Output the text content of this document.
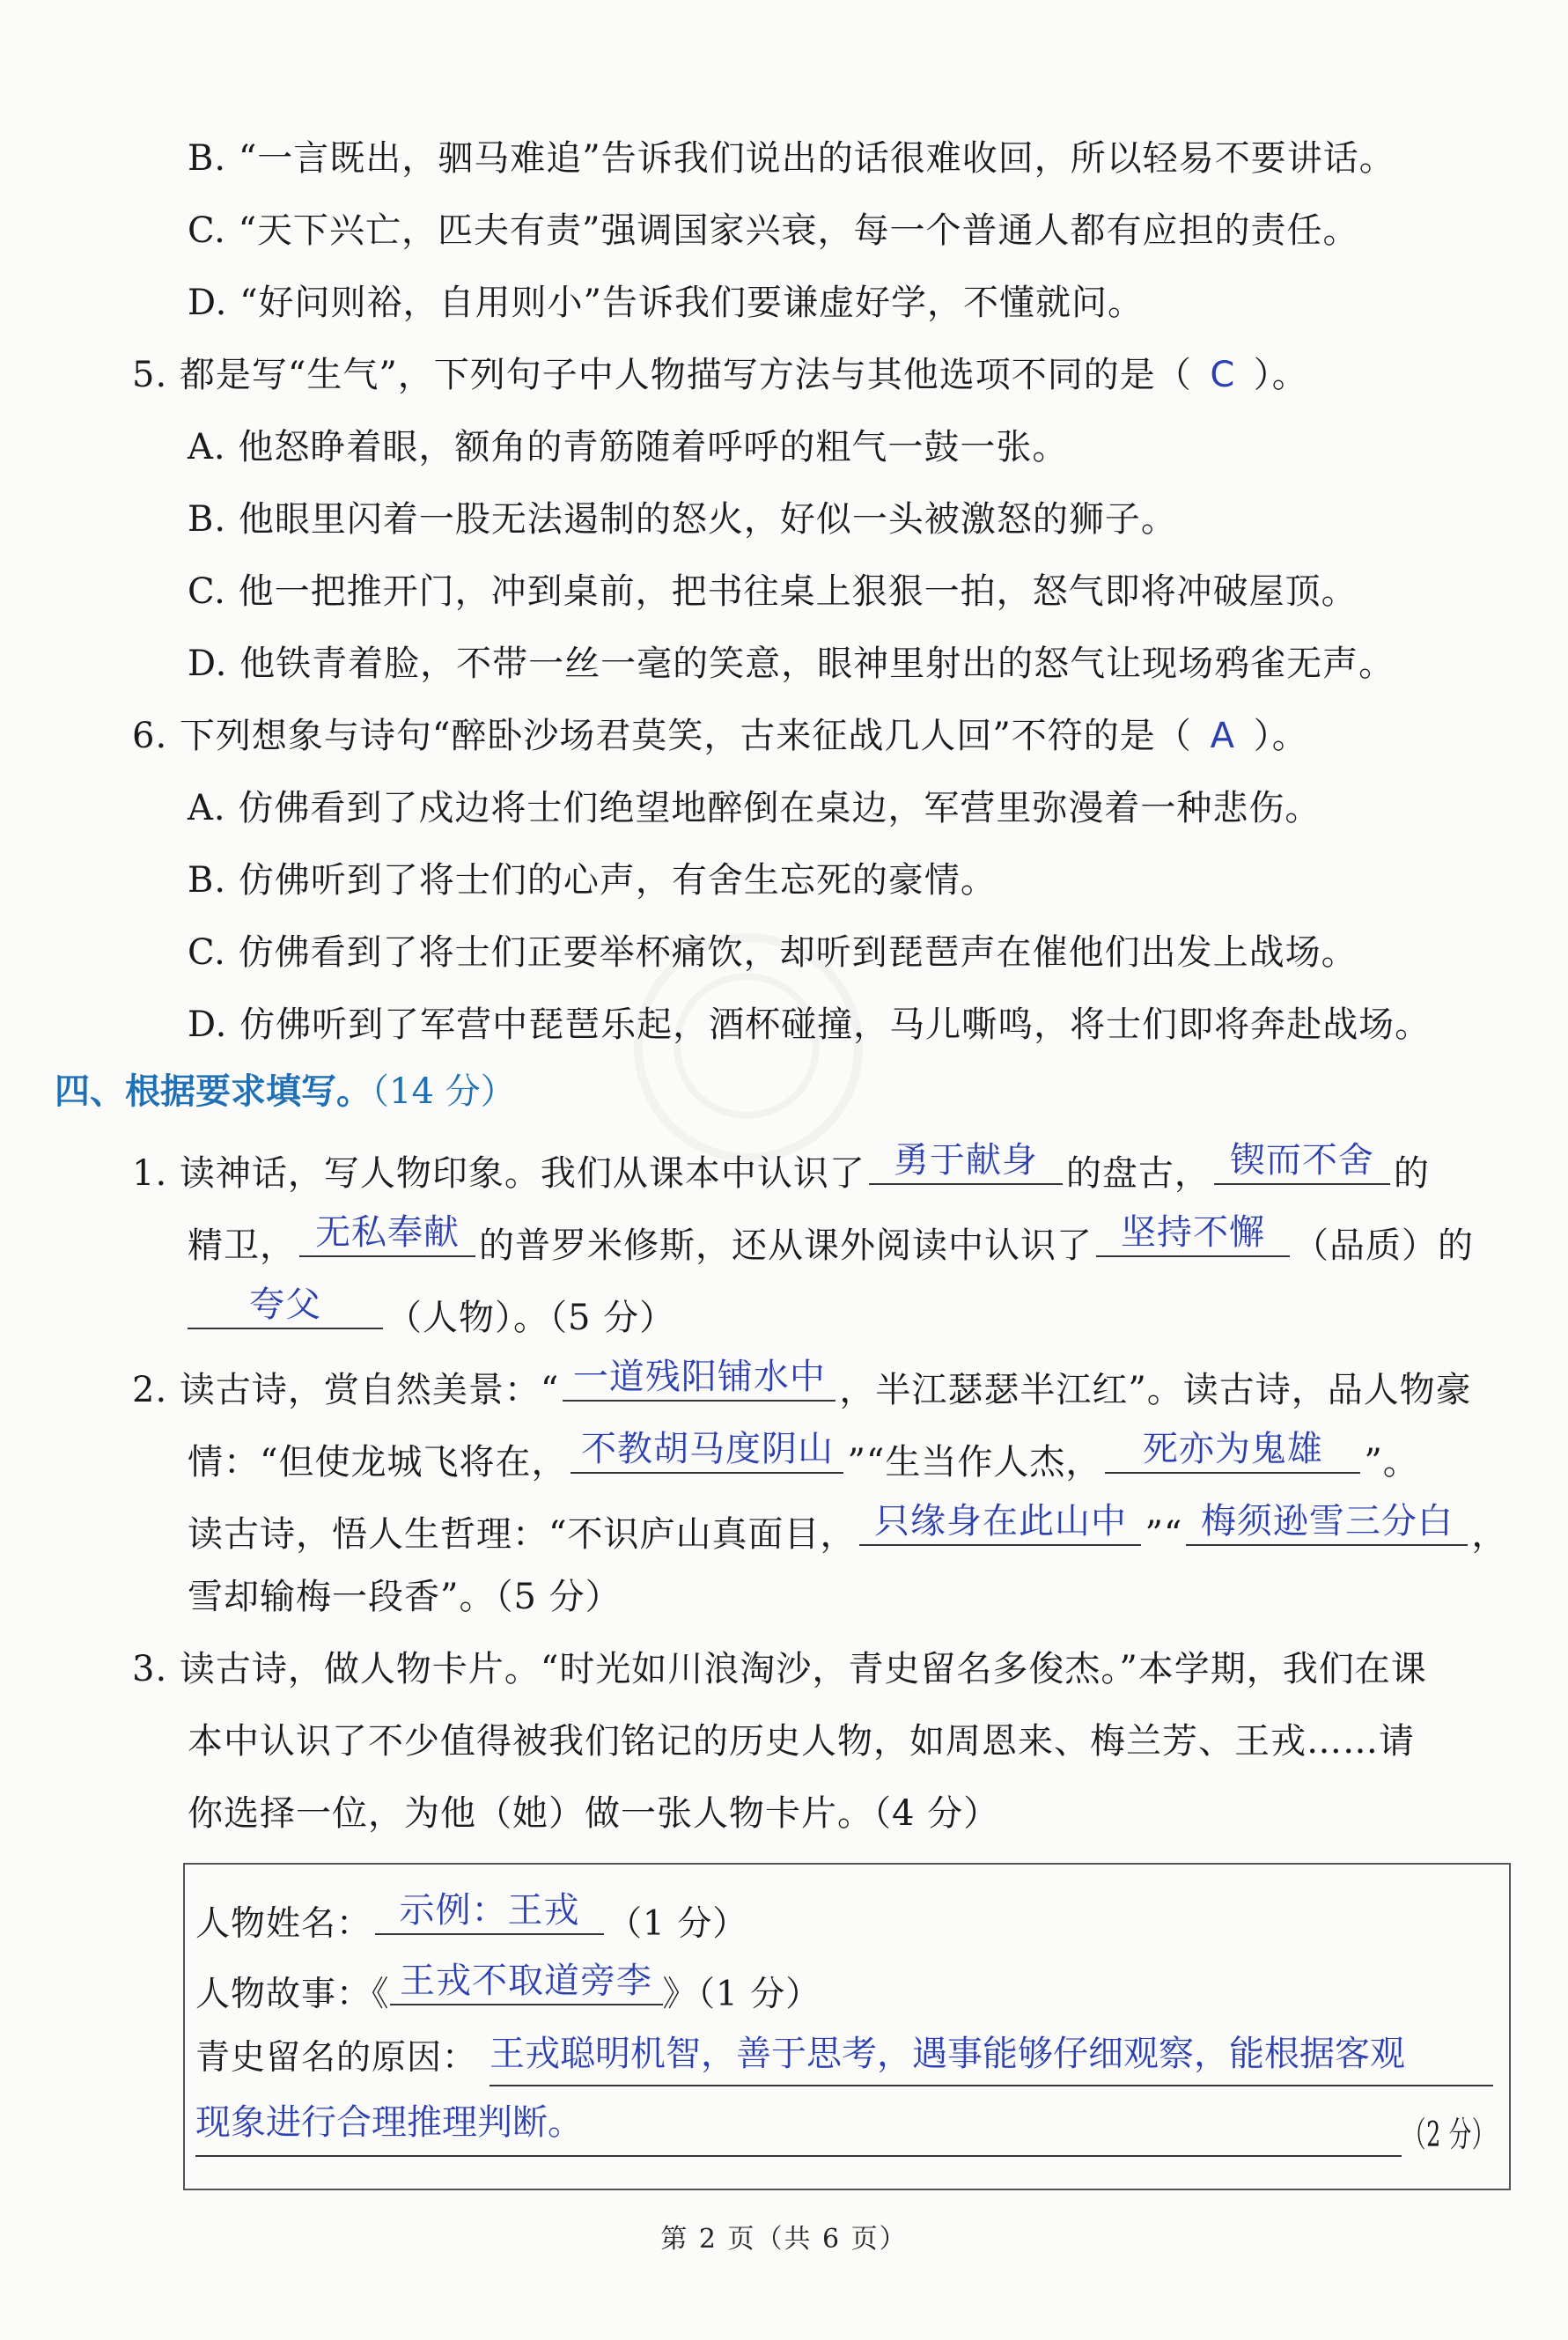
B. “一言既出，驷马难追”告诉我们说出的话很难收回，所以轻易不要讲话。
C. “天下兴亡，匹夫有责”强调国家兴衰，每一个普通人都有应担的责任。
D. “好问则裕，自用则小”告诉我们要谦虚好学，不懂就问。
5. 都是写“生气”，下列句子中人物描写方法与其他选项不同的是（ C ）。
A. 他怒睁着眼，额角的青筋随着呼呼的粗气一鼓一张。
B. 他眼里闪着一股无法遏制的怒火，好似一头被激怒的狮子。
C. 他一把推开门，冲到桌前，把书往桌上狠狠一拍，怒气即将冲破屋顶。
D. 他铁青着脸，不带一丝一毫的笑意，眼神里射出的怒气让现场鸦雀无声。
6. 下列想象与诗句“醉卧沙场君莫笑，古来征战几人回”不符的是（ A ）。
A. 仿佛看到了戍边将士们绝望地醉倒在桌边，军营里弥漫着一种悲伤。
B. 仿佛听到了将士们的心声，有舍生忘死的豪情。
C. 仿佛看到了将士们正要举杯痛饮，却听到琵琶声在催他们出发上战场。
D. 仿佛听到了军营中琵琶乐起，酒杯碰撞，马儿嘶鸣，将士们即将奔赴战场。
四、根据要求填写。（14 分）
1. 读神话，写人物印象。我们从课本中认识了 勇于献身 的盘古， 锲而不舍 的
精卫， 无私奉献 的普罗米修斯，还从课外阅读中认识了 坚持不懈 （品质）的
夸父	（人物）。（5 分）
2. 读古诗，赏自然美景：“ 一道残阳铺水中 ，半江瑟瑟半江红”。读古诗，品人物豪
情：“但使龙城飞将在， 不教胡马度阴山 ”“生当作人杰，	死亦为鬼雄	”。
读古诗，悟人生哲理：“不识庐山真面目， 只缘身在此山中 ”“ 梅须逊雪三分白 ，
雪却输梅一段香”。（5 分）
3. 读古诗，做人物卡片。“时光如川浪淘沙，青史留名多俊杰。”本学期，我们在课
本中认识了不少值得被我们铭记的历史人物，如周恩来、梅兰芳、王戎……请
你选择一位，为他（她）做一张人物卡片。（4 分）
人物姓名： 示例：王戎 （1 分）
人物故事：《 王戎不取道旁李 》（1 分）
青史留名的原因： 王戎聪明机智，善于思考，遇事能够仔细观察，能根据客观
现象进行合理推理判断。	（2 分）
第 2 页（共 6 页）
